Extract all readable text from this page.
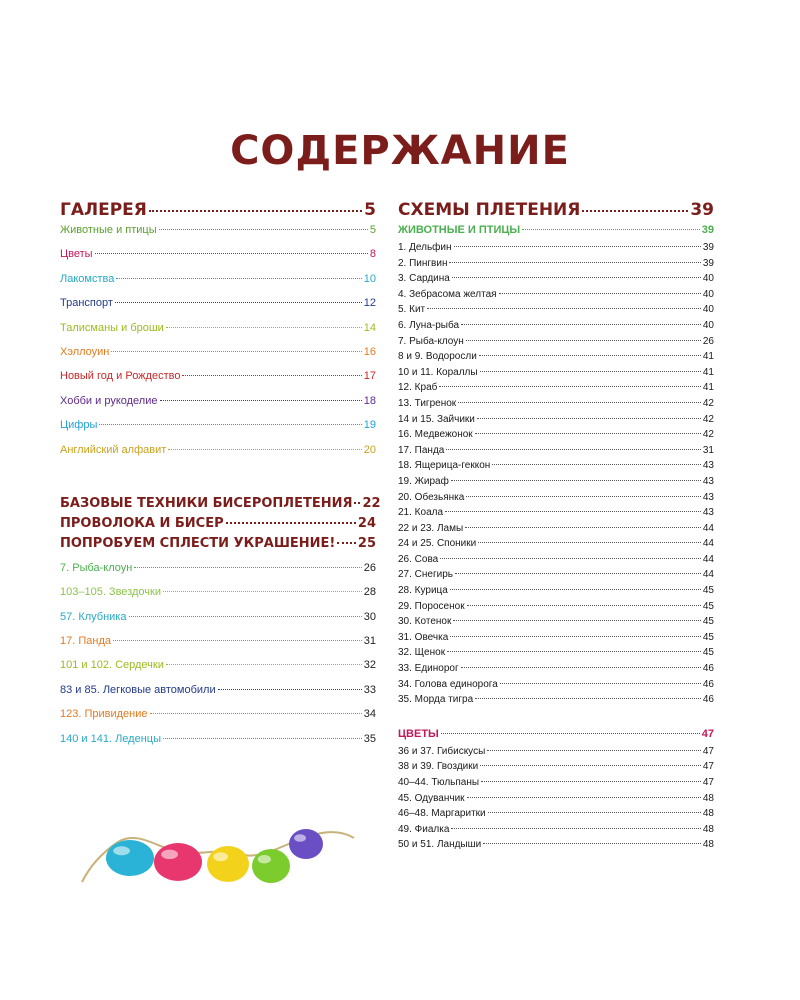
СОДЕРЖАНИЕ
ГАЛЕРЕЯ	5
Животные и птицы	5
Цветы	8
Лакомства	10
Транспорт	12
Талисманы и броши	14
Хэллоуин	16
Новый год и Рождество	17
Хобби и рукоделие	18
Цифры	19
Английский алфавит	20
БАЗОВЫЕ ТЕХНИКИ БИСЕРОПЛЕТЕНИЯ 22
ПРОВОЛОКА И БИСЕР	24
ПОПРОБУЕМ СПЛЕСТИ УКРАШЕНИЕ! 25
7. Рыба-клоун	26
103–105. Звездочки	28
57. Клубника	30
17. Панда	31
101 и 102. Сердечки	32
83 и 85. Легковые автомобили	33
123. Привидение	34
140 и 141. Леденцы	35
СХЕМЫ ПЛЕТЕНИЯ	39
ЖИВОТНЫЕ И ПТИЦЫ	39
1. Дельфин	39
2. Пингвин	39
3. Сардина	40
4. Зебрасома желтая	40
5. Кит	40
6. Луна-рыба	40
7. Рыба-клоун	26
8 и 9. Водоросли	41
10 и 11. Кораллы	41
12. Краб	41
13. Тигренок	42
14 и 15. Зайчики	42
16. Медвежонок	42
17. Панда	31
18. Ящерица-геккон	43
19. Жираф	43
20. Обезьянка	43
21. Коала	43
22 и 23. Ламы	44
24 и 25. Споники	44
26. Сова	44
27. Снегирь	44
28. Курица	45
29. Поросенок	45
30. Котенок	45
31. Овечка	45
32. Щенок	45
33. Единорог	46
34. Голова единорога	46
35. Морда тигра	46
ЦВЕТЫ	47
36 и 37. Гибискусы	47
38 и 39. Гвоздики	47
40–44. Тюльпаны	47
45. Одуванчик	48
46–48. Маргаритки	48
49. Фиалка	48
50 и 51. Ландыши	48
